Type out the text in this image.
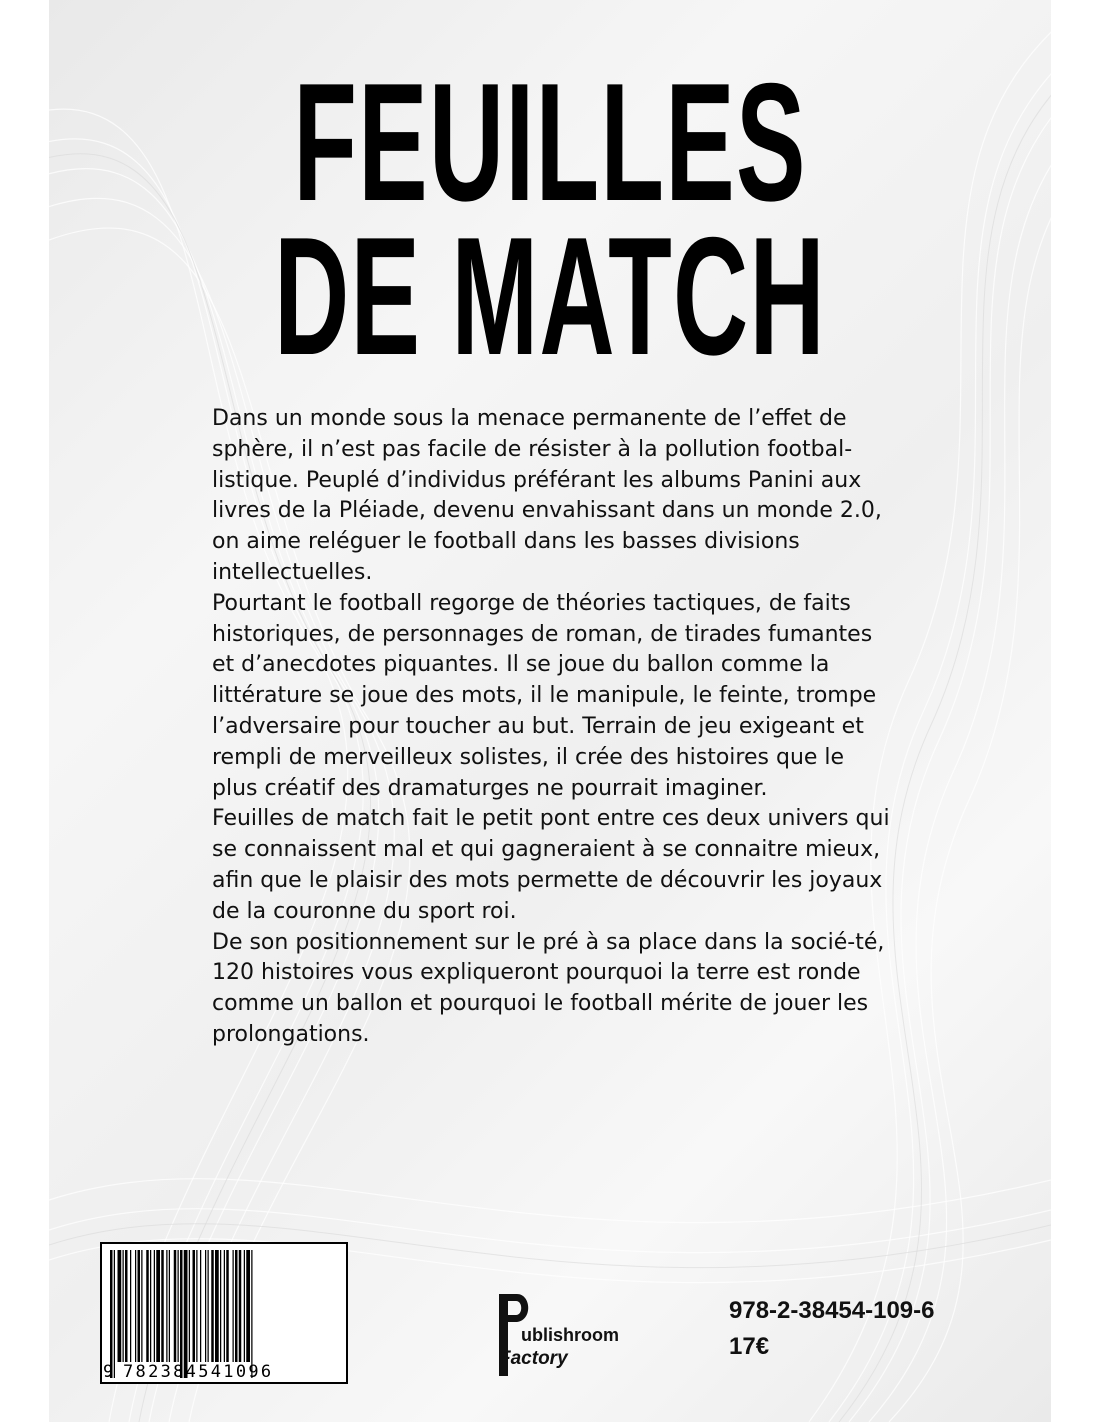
FEUILLES
DE MATCH

Dans un monde sous la menace permanente de l’effet de sphère, il n’est pas facile de résister à la pollution footbal-listique. Peuplé d’individus préférant les albums Panini aux livres de la Pléiade, devenu envahissant dans un monde 2.0, on aime reléguer le football dans les basses divisions intellectuelles.

Pourtant le football regorge de théories tactiques, de faits historiques, de personnages de roman, de tirades fumantes et d’anecdotes piquantes. Il se joue du ballon comme la littérature se joue des mots, il le manipule, le feinte, trompe l’adversaire pour toucher au but. Terrain de jeu exigeant et rempli de merveilleux solistes, il crée des histoires que le plus créatif des dramaturges ne pourrait imaginer.

Feuilles de match fait le petit pont entre ces deux univers qui se connaissent mal et qui gagneraient à se connaitre mieux, afin que le plaisir des mots permette de découvrir les joyaux de la couronne du sport roi.

De son positionnement sur le pré à sa place dans la socié-té, 120 histoires vous expliqueront pourquoi la terre est ronde comme un ballon et pourquoi le football mérite de jouer les prolongations.

9 782384541096
ublishroom
Factory
978-2-38454-109-6
17€
